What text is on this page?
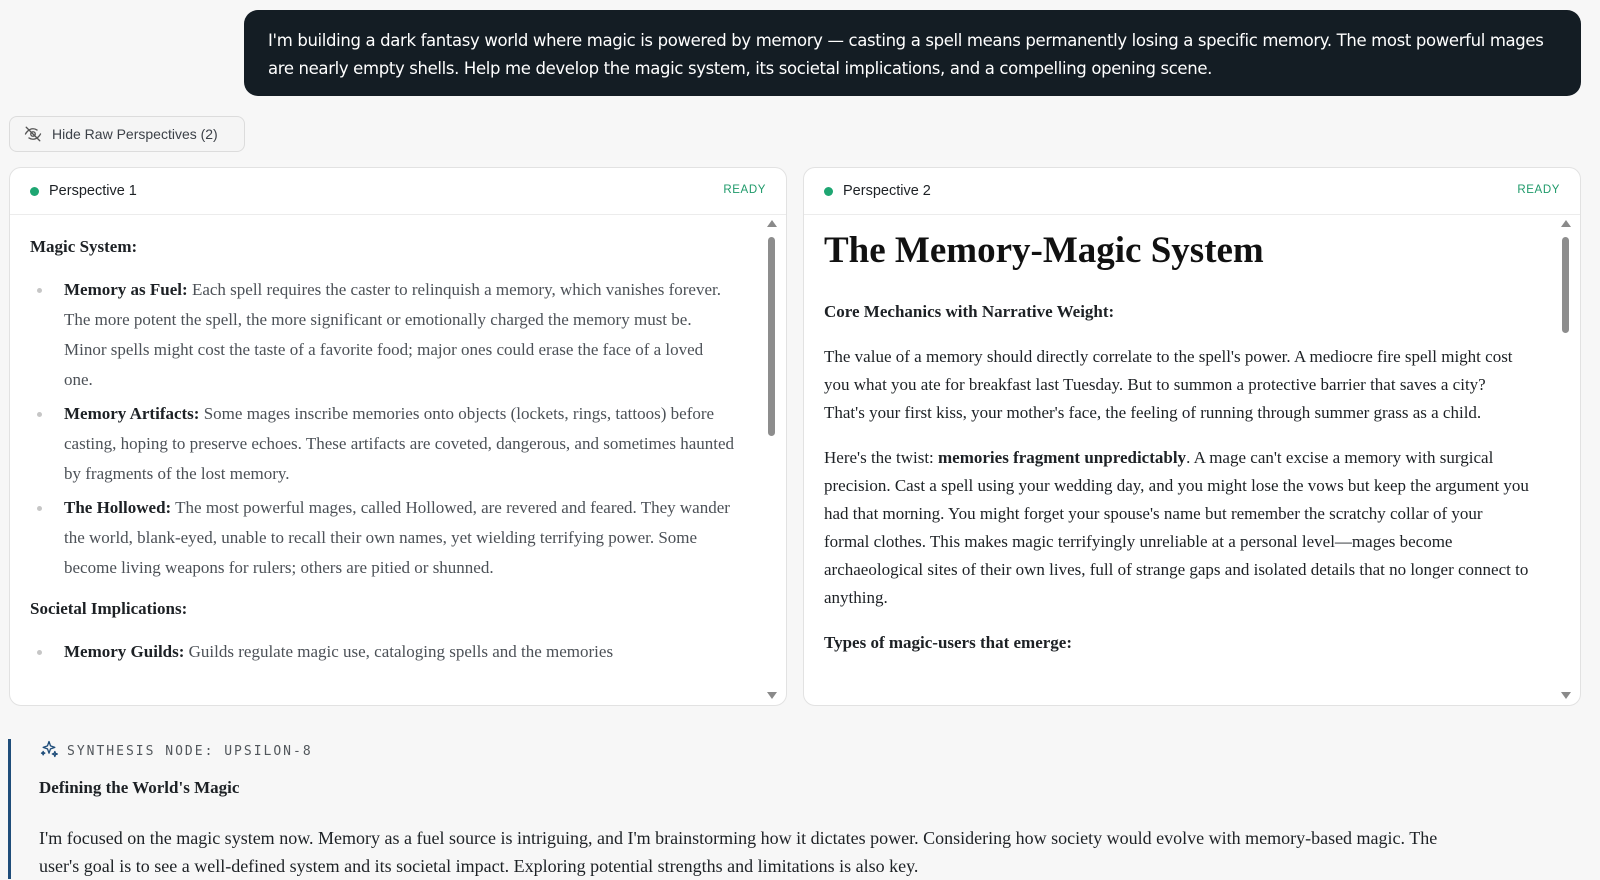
I'm building a dark fantasy world where magic is powered by memory — casting a spell means permanently losing a specific memory. The most powerful mages are nearly empty shells. Help me develop the magic system, its societal implications, and a compelling opening scene.
Hide Raw Perspectives (2)
Perspective 1	READY
Magic System:
Memory as Fuel: Each spell requires the caster to relinquish a memory, which vanishes forever. The more potent the spell, the more significant or emotionally charged the memory must be. Minor spells might cost the taste of a favorite food; major ones could erase the face of a loved one.
Memory Artifacts: Some mages inscribe memories onto objects (lockets, rings, tattoos) before casting, hoping to preserve echoes. These artifacts are coveted, dangerous, and sometimes haunted by fragments of the lost memory.
The Hollowed: The most powerful mages, called Hollowed, are revered and feared. They wander the world, blank-eyed, unable to recall their own names, yet wielding terrifying power. Some become living weapons for rulers; others are pitied or shunned.
Societal Implications:
Memory Guilds: Guilds regulate magic use, cataloging spells and the memories
Perspective 2	READY
The Memory-Magic System
Core Mechanics with Narrative Weight:

The value of a memory should directly correlate to the spell's power. A mediocre fire spell might cost you what you ate for breakfast last Tuesday. But to summon a protective barrier that saves a city? That's your first kiss, your mother's face, the feeling of running through summer grass as a child.

Here's the twist: memories fragment unpredictably. A mage can't excise a memory with surgical precision. Cast a spell using your wedding day, and you might lose the vows but keep the argument you had that morning. You might forget your spouse's name but remember the scratchy collar of your formal clothes. This makes magic terrifyingly unreliable at a personal level—mages become archaeological sites of their own lives, full of strange gaps and isolated details that no longer connect to anything.

Types of magic-users that emerge:
SYNTHESIS NODE: UPSILON-8
Defining the World's Magic
I'm focused on the magic system now. Memory as a fuel source is intriguing, and I'm brainstorming how it dictates power. Considering how society would evolve with memory-based magic. The user's goal is to see a well-defined system and its societal impact. Exploring potential strengths and limitations is also key.
